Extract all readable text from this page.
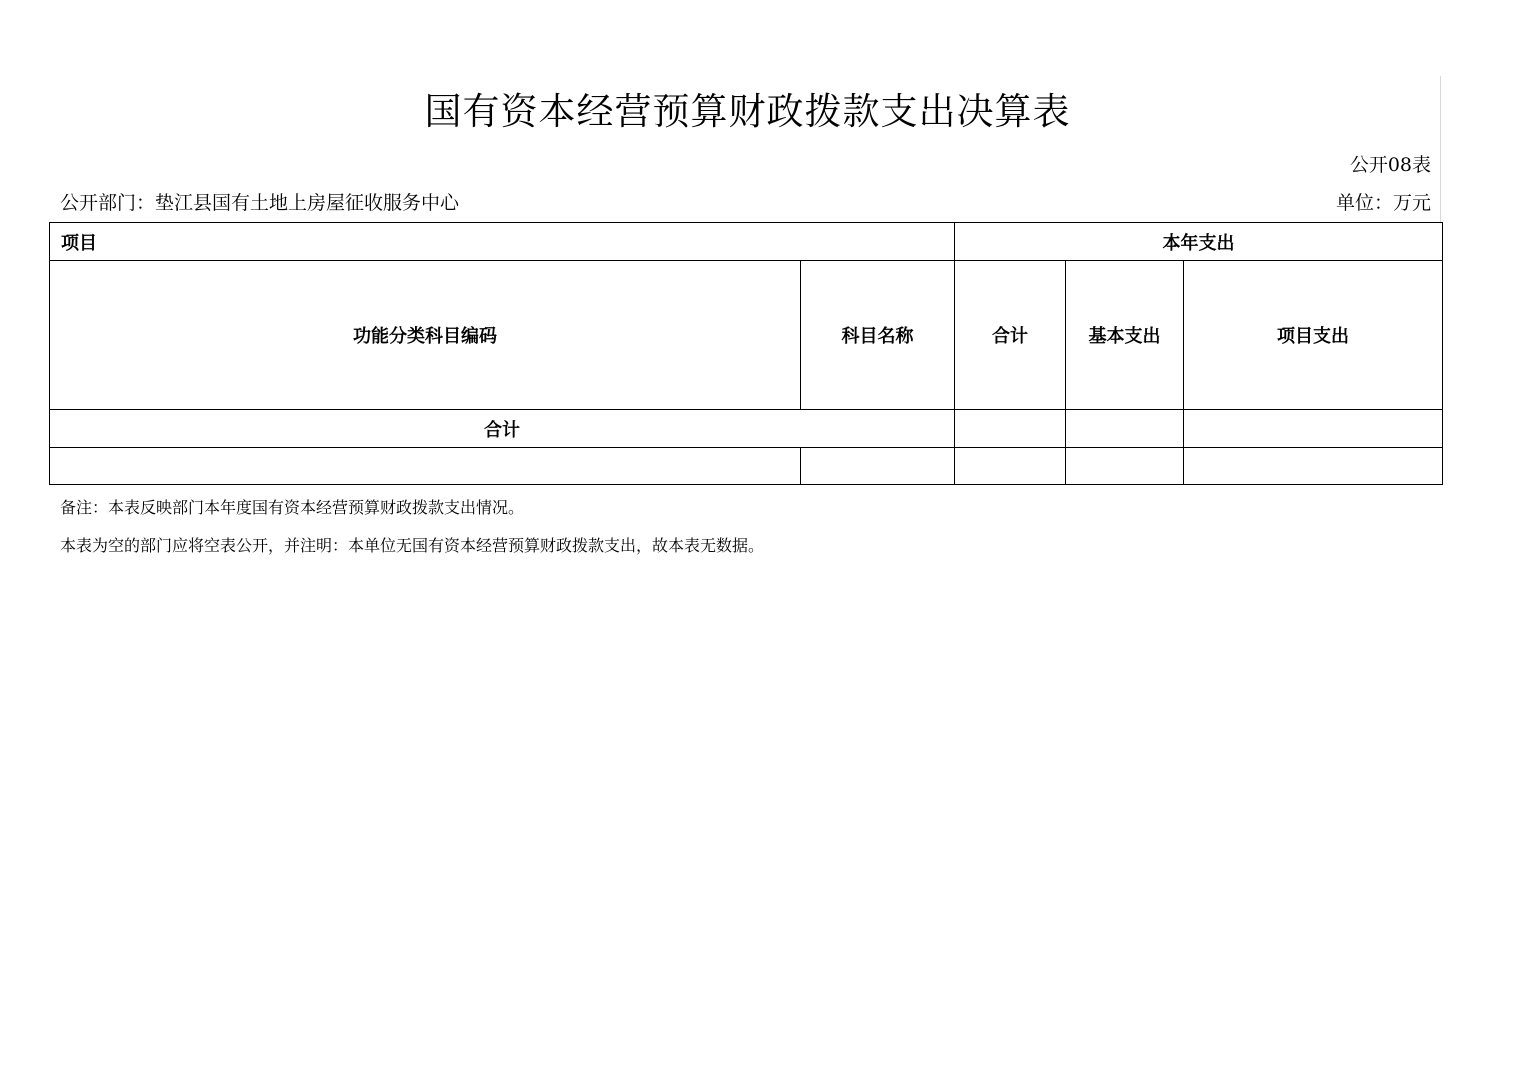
国有资本经营预算财政拨款支出决算表
公开08表
公开部门：垫江县国有土地上房屋征收服务中心	单位：万元
项目		本年支出		
功能分类科目编码	科目名称	合计	基本支出	项目支出
合计				

备注：本表反映部门本年度国有资本经营预算财政拨款支出情况。
本表为空的部门应将空表公开，并注明：本单位无国有资本经营预算财政拨款支出，故本表无数据。
